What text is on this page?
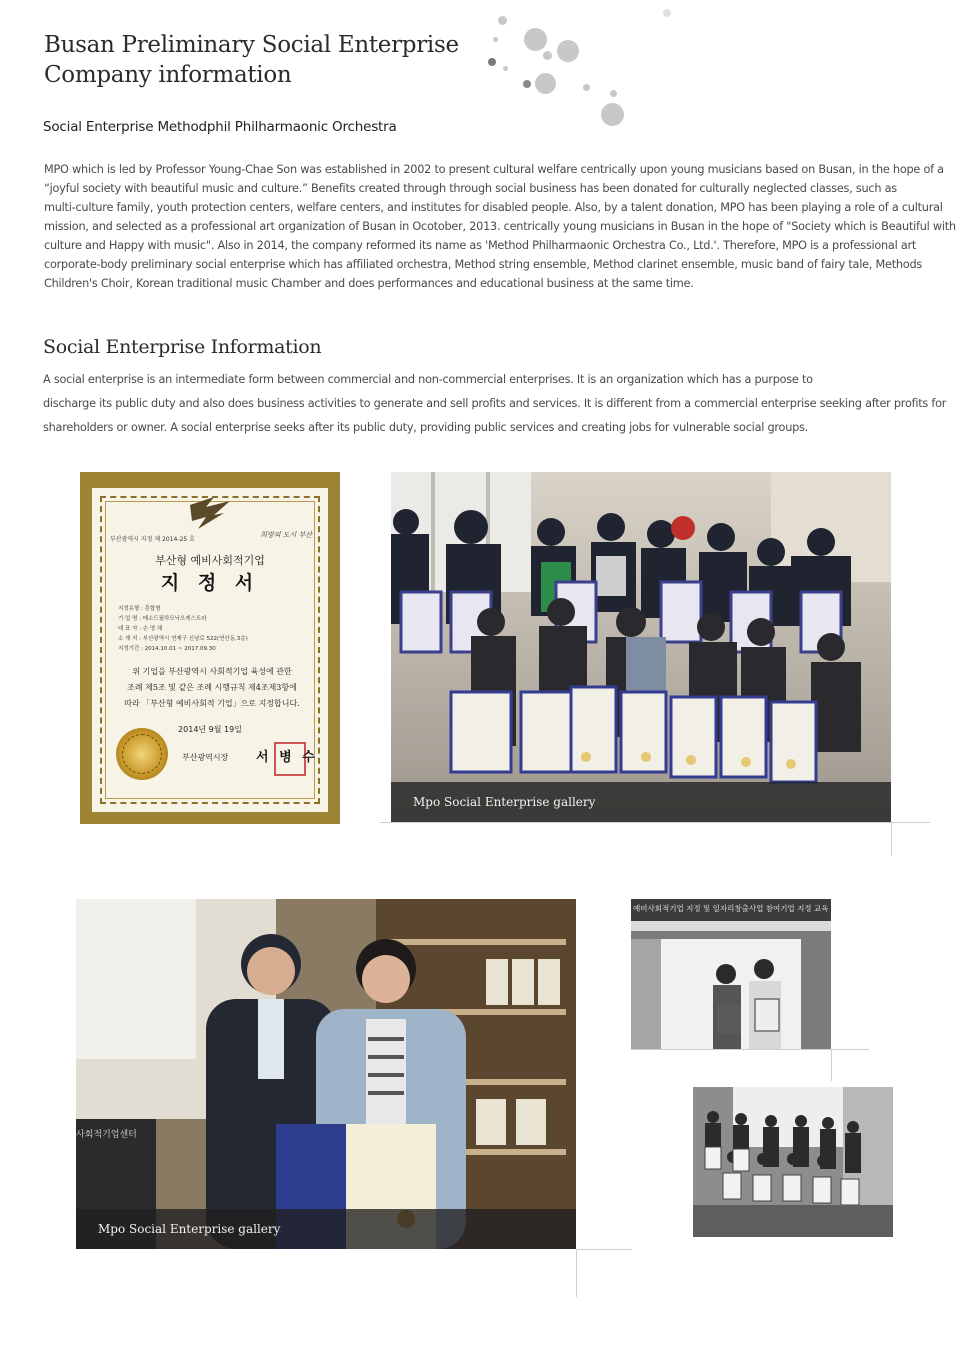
Busan Preliminary Social Enterprise
Company information
Social Enterprise Methodphil Philharmaonic Orchestra
MPO which is led by Professor Young-Chae Son was established in 2002 to present cultural welfare centrically upon young musicians based on Busan, in the hope of a
“joyful society with beautiful music and culture.” Benefits created through through social business has been donated for culturally neglected classes, such as
multi-culture family, youth protection centers, welfare centers, and institutes for disabled people. Also, by a talent donation, MPO has been playing a role of a cultural
mission, and selected as a professional art organization of Busan in Ocotober, 2013. centrically young musicians in Busan in the hope of "Society which is Beautiful with
culture and Happy with music". Also in 2014, the company reformed its name as 'Method Philharmaonic Orchestra Co., Ltd.'. Therefore, MPO is a professional art
corporate-body preliminary social enterprise which has affiliated orchestra, Method string ensemble, Method clarinet ensemble, music band of fairy tale, Methods
Children's Choir, Korean traditional music Chamber and does performances and educational business at the same time.
Social Enterprise Information
A social enterprise is an intermediate form between commercial and non-commercial enterprises. It is an organization which has a purpose to
discharge its public duty and also does business activities to generate and sell profits and services. It is different from a commercial enterprise seeking after profits for
shareholders or owner. A social enterprise seeks after its public duty, providing public services and creating jobs for vulnerable social groups.
부산광역시 지정 제 2014-25 호
희망의 도시 부산
부산형 예비사회적기업
지 정 서
지정유형 : 혼합형
기 업 명 : 메소드필하모닉오케스트라
대 표 자 : 손 영 채
소 재 지 : 부산광역시 연제구 신남로 522(연산동,3층)
지정기간 : 2014.10.01 ~ 2017.09.30
위 기업을 부산광역시 사회적기업 육성에 관한
조례 제5조 및 같은 조례 시행규칙 제4조제3항에
따라 「부산형 예비사회적 기업」으로 지정합니다.
2014년 9월 19일
부산광역시장 서 병 수
Mpo Social Enterprise gallery
사회적기업센터
Mpo Social Enterprise gallery
예비사회적기업 지정 및 일자리창출사업 참여기업 지정 교육
